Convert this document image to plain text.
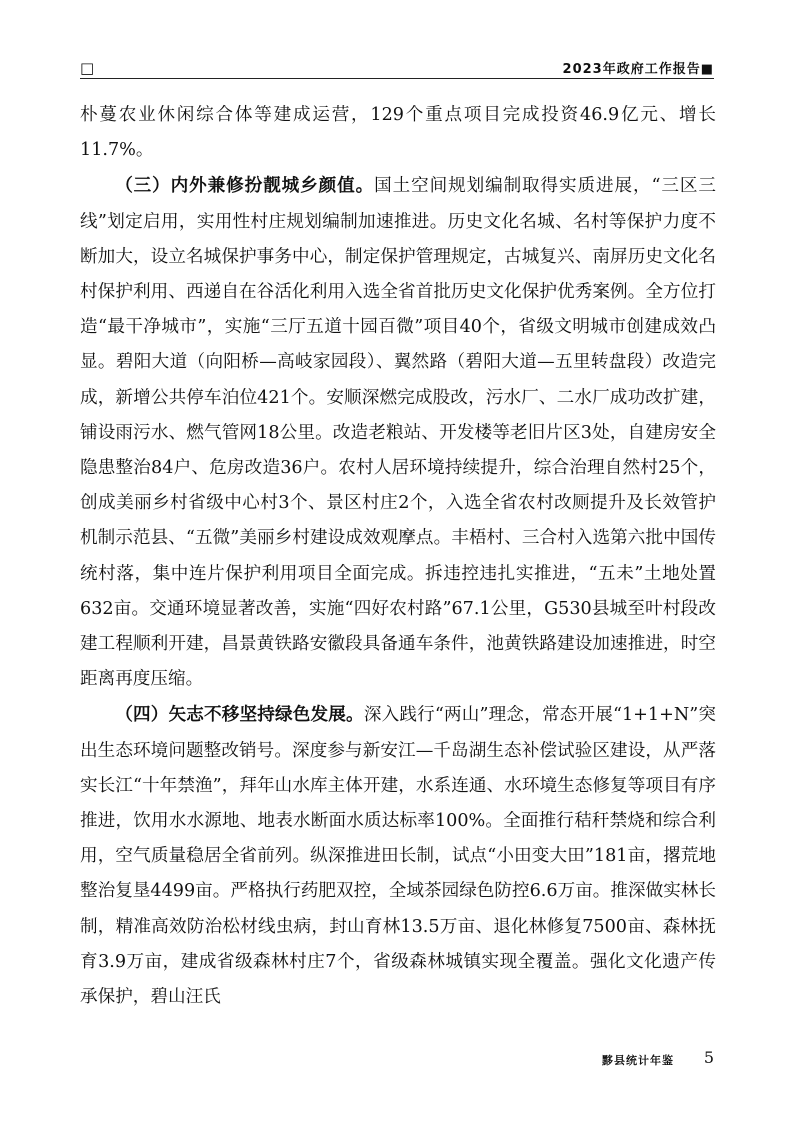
□	2023年政府工作报告■

朴蔓农业休闲综合体等建成运营，129个重点项目完成投资46.9亿元、增长11.7%。

（三）内外兼修扮靓城乡颜值。国土空间规划编制取得实质进展，“三区三线”划定启用，实用性村庄规划编制加速推进。历史文化名城、名村等保护力度不断加大，设立名城保护事务中心，制定保护管理规定，古城复兴、南屏历史文化名村保护利用、西递自在谷活化利用入选全省首批历史文化保护优秀案例。全方位打造“最干净城市”，实施“三厅五道十园百微”项目40个，省级文明城市创建成效凸显。碧阳大道（向阳桥—高岐家园段）、翼然路（碧阳大道—五里转盘段）改造完成，新增公共停车泊位421个。安顺深燃完成股改，污水厂、二水厂成功改扩建，铺设雨污水、燃气管网18公里。改造老粮站、开发楼等老旧片区3处，自建房安全隐患整治84户、危房改造36户。农村人居环境持续提升，综合治理自然村25个，创成美丽乡村省级中心村3个、景区村庄2个，入选全省农村改厕提升及长效管护机制示范县、“五微”美丽乡村建设成效观摩点。丰梧村、三合村入选第六批中国传统村落，集中连片保护利用项目全面完成。拆违控违扎实推进，“五未”土地处置632亩。交通环境显著改善，实施“四好农村路”67.1公里，G530县城至叶村段改建工程顺利开建，昌景黄铁路安徽段具备通车条件，池黄铁路建设加速推进，时空距离再度压缩。

（四）矢志不移坚持绿色发展。深入践行“两山”理念，常态开展“1+1+N”突出生态环境问题整改销号。深度参与新安江—千岛湖生态补偿试验区建设，从严落实长江“十年禁渔”，拜年山水库主体开建，水系连通、水环境生态修复等项目有序推进，饮用水水源地、地表水断面水质达标率100%。全面推行秸秆禁烧和综合利用，空气质量稳居全省前列。纵深推进田长制，试点“小田变大田”181亩，撂荒地整治复垦4499亩。严格执行药肥双控，全域茶园绿色防控6.6万亩。推深做实林长制，精准高效防治松材线虫病，封山育林13.5万亩、退化林修复7500亩、森林抚育3.9万亩，建成省级森林村庄7个，省级森林城镇实现全覆盖。强化文化遗产传承保护，碧山汪氏

黟县统计年鉴 5
